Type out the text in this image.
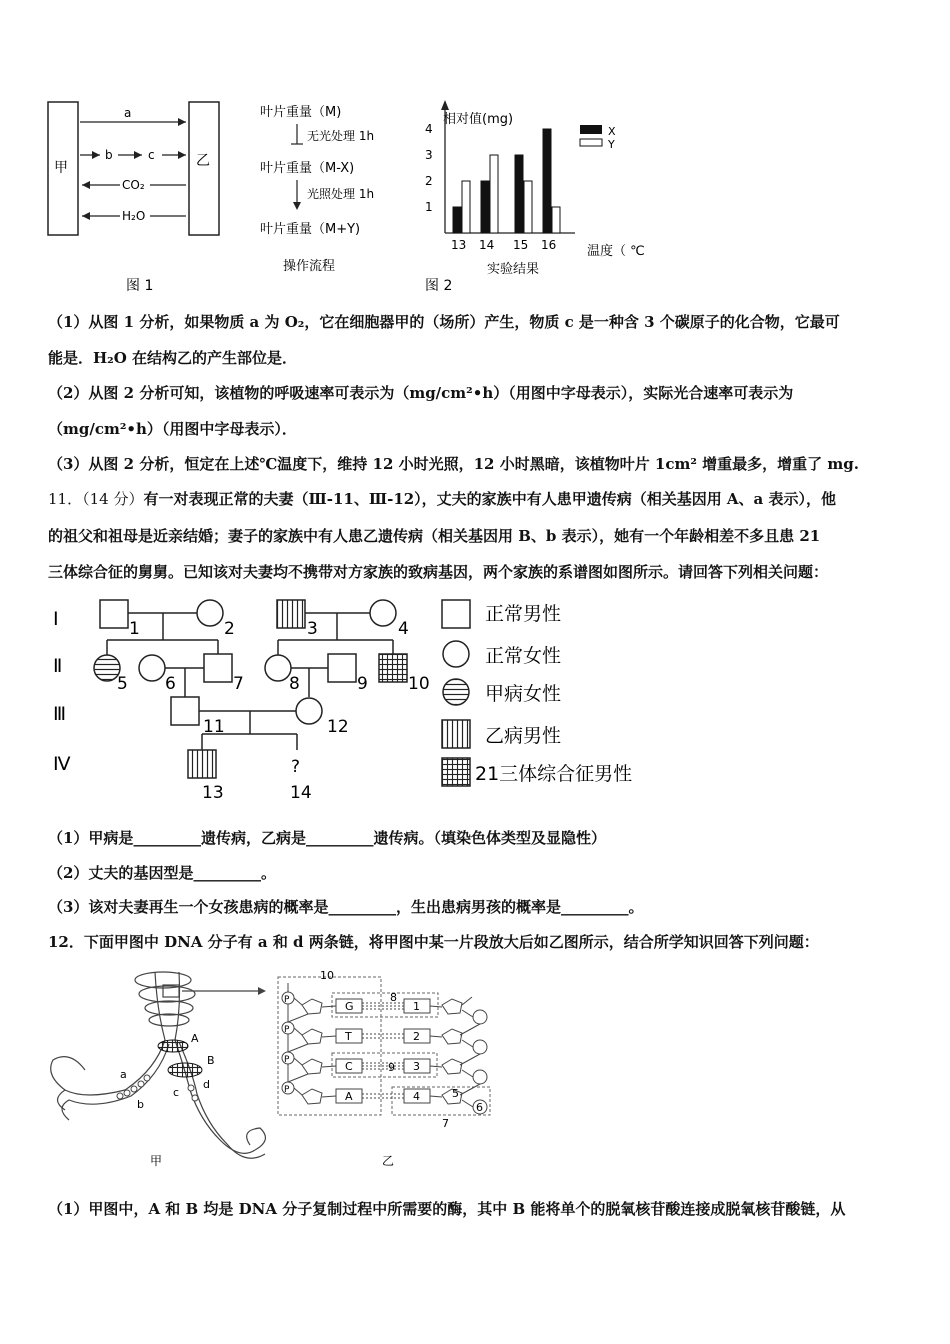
甲	乙
a
b	c
CO₂
H₂O
图 1
叶片重量（M)
无光处理 1h
叶片重量（M-X)
光照处理 1h
叶片重量（M+Y)
操作流程
相对值(mg)
1
2
3
4
13 14 15 16 温度（ ℃
X
Y
图 2
实验结果
（1）从图 1 分析，如果物质 a 为 O₂，它在细胞器甲的（场所）产生，物质 c 是一种含 3 个碳原子的化合物，它最可
能是．H₂O 在结构乙的产生部位是．
（2）从图 2 分析可知，该植物的呼吸速率可表示为（mg/cm²•h）（用图中字母表示），实际光合速率可表示为
（mg/cm²•h）（用图中字母表示）．
（3）从图 2 分析，恒定在上述℃温度下，维持 12 小时光照，12 小时黑暗，该植物叶片 1cm² 增重最多，增重了 mg.
11．（14 分）有一对表现正常的夫妻（Ⅲ-11、Ⅲ-12），丈夫的家族中有人患甲遗传病（相关基因用 A、a 表示），他
的祖父和祖母是近亲结婚；妻子的家族中有人患乙遗传病（相关基因用 B、b 表示），她有一个年龄相差不多且患 21
三体综合征的舅舅。已知该对夫妻均不携带对方家族的致病基因，两个家族的系谱图如图所示。请回答下列相关问题：
Ⅰ
Ⅱ
Ⅲ
Ⅳ	?
1	2	3	4
5 6	7	8	9 10
11	12
13	14
正常男性
正常女性
甲病女性
乙病男性
21三体综合征男性
（1）甲病是_________遗传病，乙病是_________遗传病。（填染色体类型及显隐性）
（2）丈夫的基因型是_________。
（3）该对夫妻再生一个女孩患病的概率是_________，生出患病男孩的概率是_________。
12．下面甲图中 DNA 分子有 a 和 d 两条链，将甲图中某一片段放大后如乙图所示，结合所学知识回答下列问题：
A
B
a
b
c
d
甲
P
P
P
P
G
T
C
A
1
2
3
4
10
8
9
5
6
7
乙
（1）甲图中，A 和 B 均是 DNA 分子复制过程中所需要的酶，其中 B 能将单个的脱氧核苷酸连接成脱氧核苷酸链，从
